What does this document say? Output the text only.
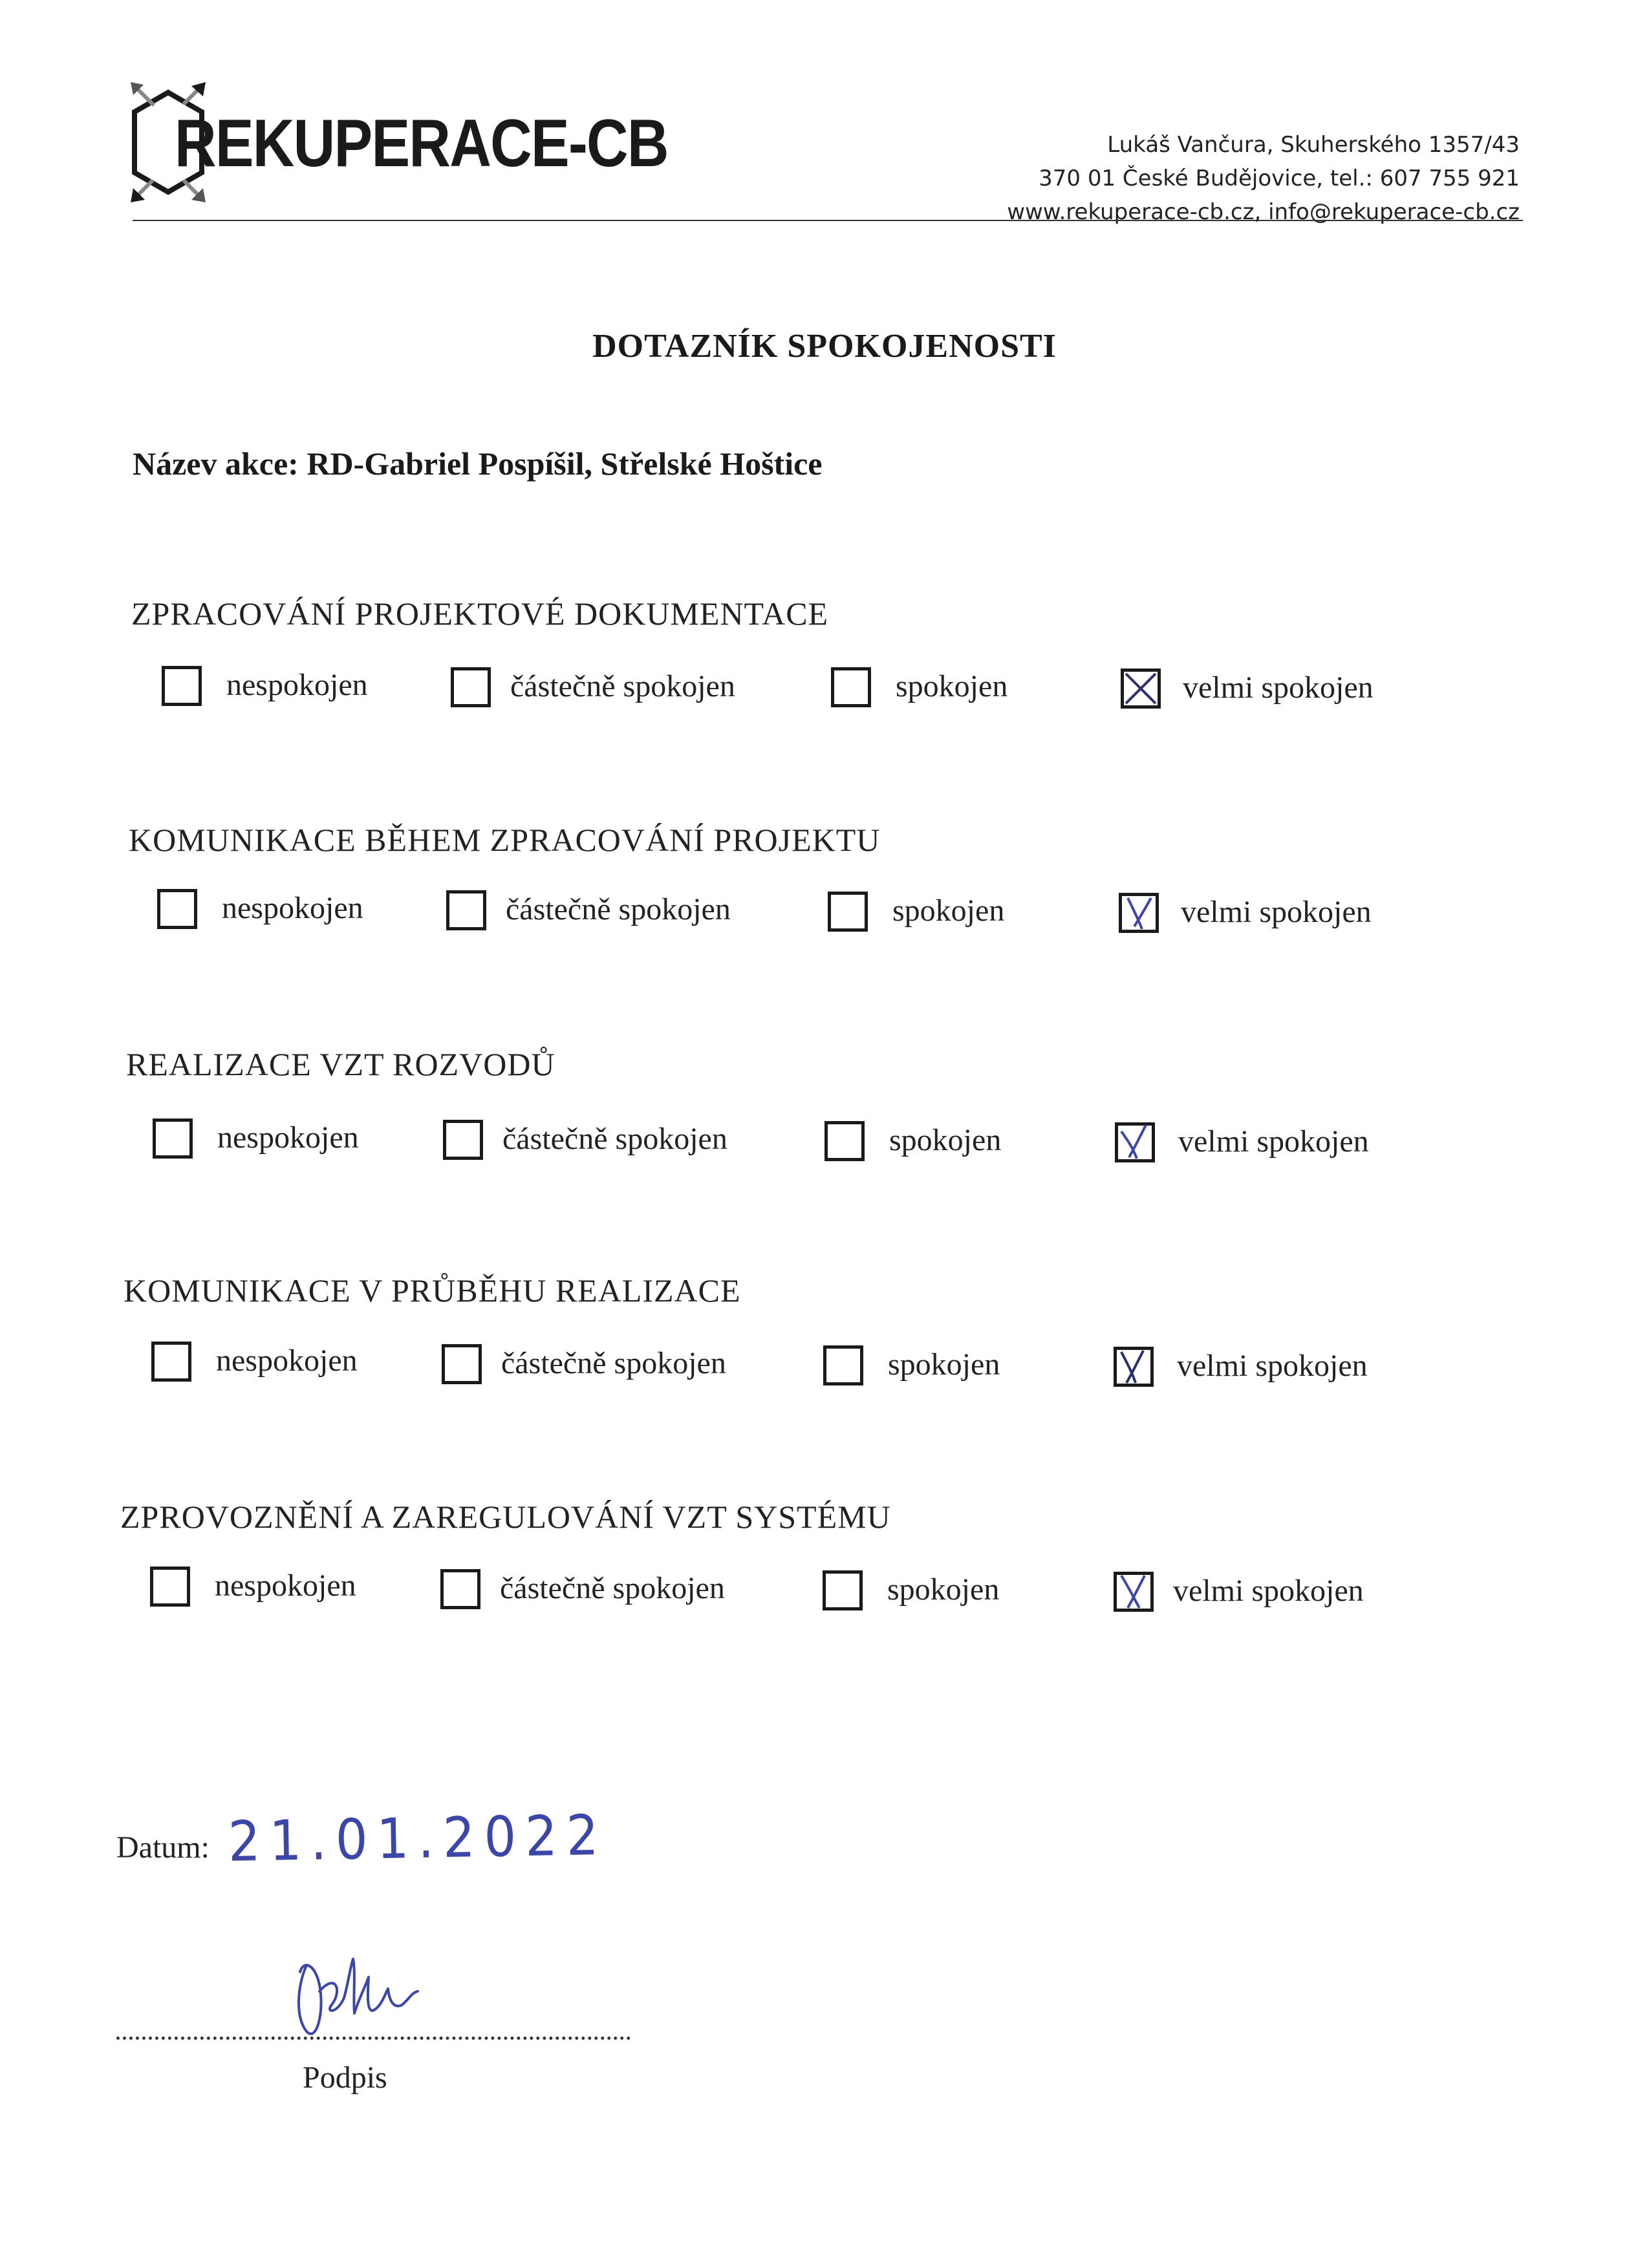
REKUPERACE-CB	Lukáš Vančura, Skuherského 1357/43
370 01 České Budějovice, tel.: 607 755 921
www.rekuperace-cb.cz, info@rekuperace-cb.cz
DOTAZNÍK SPOKOJENOSTI
Název akce: RD-Gabriel Pospíšil, Střelské Hoštice
ZPRACOVÁNÍ PROJEKTOVÉ DOKUMENTACE
nespokojen	částečně spokojen	spokojen	velmi spokojen
KOMUNIKACE BĚHEM ZPRACOVÁNÍ PROJEKTU
nespokojen	částečně spokojen	spokojen	velmi spokojen
REALIZACE VZT ROZVODŮ
nespokojen	částečně spokojen	spokojen	velmi spokojen
KOMUNIKACE V PRŮBĚHU REALIZACE
nespokojen	částečně spokojen	spokojen	velmi spokojen
ZPROVOZNĚNÍ A ZAREGULOVÁNÍ VZT SYSTÉMU
nespokojen	částečně spokojen	spokojen	velmi spokojen
Datum: 21.01.2022
Podpis
